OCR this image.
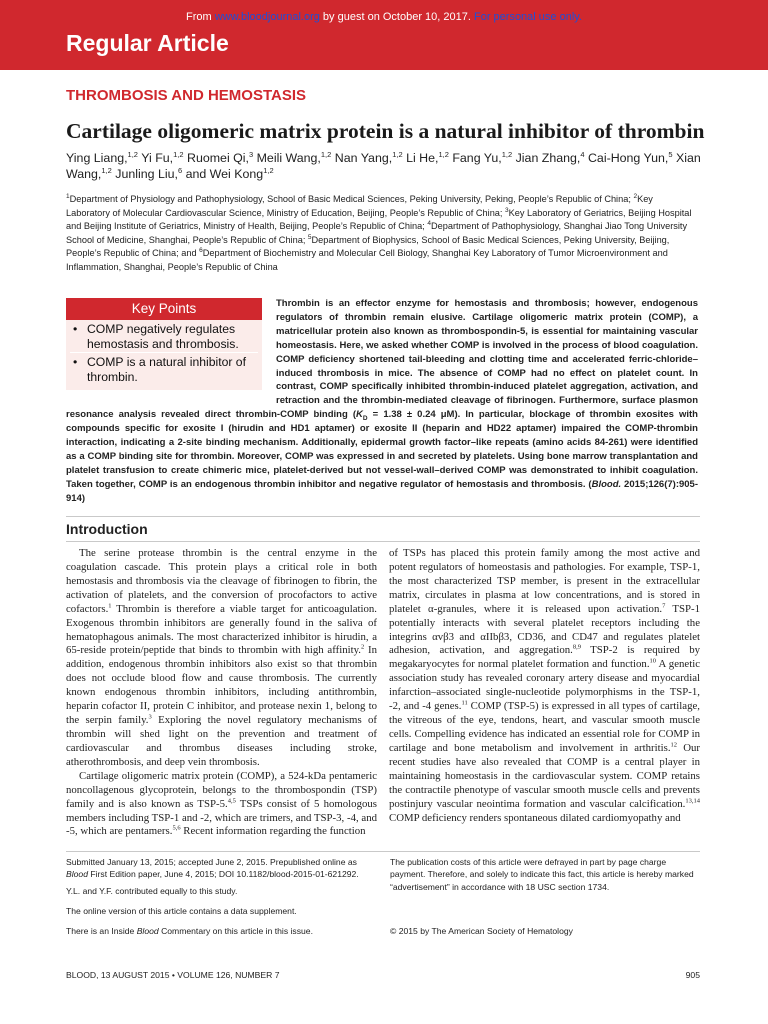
From www.bloodjournal.org by guest on October 10, 2017. For personal use only.
Regular Article
THROMBOSIS AND HEMOSTASIS
Cartilage oligomeric matrix protein is a natural inhibitor of thrombin
Ying Liang,$^{1,2}$ Yi Fu,$^{1,2}$ Ruomei Qi,$^3$ Meili Wang,$^{1,2}$ Nan Yang,$^{1,2}$ Li He,$^{1,2}$ Fang Yu,$^{1,2}$ Jian Zhang,$^4$ Cai-Hong Yun,$^5$ Xian Wang,$^{1,2}$ Junling Liu,$^6$ and Wei Kong$^{1,2}$
$^1$Department of Physiology and Pathophysiology, School of Basic Medical Sciences, Peking University, Peking, People’s Republic of China; $^2$Key Laboratory of Molecular Cardiovascular Science, Ministry of Education, Beijing, People’s Republic of China; $^3$Key Laboratory of Geriatrics, Beijing Hospital and Beijing Institute of Geriatrics, Ministry of Health, Beijing, People’s Republic of China; $^4$Department of Pathophysiology, Shanghai Jiao Tong University School of Medicine, Shanghai, People’s Republic of China; $^5$Department of Biophysics, School of Basic Medical Sciences, Peking University, Beijing, People’s Republic of China; and $^6$Department of Biochemistry and Molecular Cell Biology, Shanghai Key Laboratory of Tumor Microenvironment and Inflammation, Shanghai, People’s Republic of China

Thrombin is an effector enzyme for hemostasis and thrombosis; however, endogenous regulators of thrombin remain elusive. Cartilage oligomeric matrix protein (COMP), a matricellular protein also known as thrombospondin-5, is essential for maintaining vascular homeostasis. Here, we asked whether COMP is involved in the process of blood coagulation. COMP deficiency shortened tail-bleeding and clotting time and accelerated ferric-chloride–induced thrombosis in mice. The absence of COMP had no effect on platelet count. In contrast, COMP specifically inhibited thrombin-induced platelet aggregation, activation, and retraction and the thrombin-mediated cleavage of fibrinogen. Furthermore, surface plasmon resonance analysis revealed direct thrombin-COMP binding ($K_D = 1.38 \pm 0.24$ μM). In particular, blockage of thrombin exosites with compounds specific for exosite I (hirudin and HD1 aptamer) or exosite II (heparin and HD22 aptamer) impaired the COMP-thrombin interaction, indicating a 2-site binding mechanism. Additionally, epidermal growth factor–like repeats (amino acids 84-261) were identified as a COMP binding site for thrombin. Moreover, COMP was expressed in and secreted by platelets. Using bone marrow transplantation and platelet transfusion to create chimeric mice, platelet-derived but not vessel-wall–derived COMP was demonstrated to inhibit coagulation. Taken together, COMP is an endogenous thrombin inhibitor and negative regulator of hemostasis and thrombosis. (Blood. 2015;126(7):905-914)

Key Points
• COMP negatively regulates hemostasis and thrombosis.
• COMP is a natural inhibitor of thrombin.
Introduction

The serine protease thrombin is the central enzyme in the coagulation cascade. This protein plays a critical role in both hemostasis and thrombosis via the cleavage of fibrinogen to fibrin, the activation of platelets, and the conversion of procofactors to active cofactors.$^1$ Thrombin is therefore a viable target for anticoagulation. Exogenous thrombin inhibitors are generally found in the saliva of hematophagous animals. The most characterized inhibitor is hirudin, a 65-reside protein/peptide that binds to thrombin with high affinity.$^2$ In addition, endogenous thrombin inhibitors also exist so that thrombin does not occlude blood flow and cause thrombosis. The currently known endogenous thrombin inhibitors, including antithrombin, heparin cofactor II, protein C inhibitor, and protease nexin 1, belong to the serpin family.$^3$ Exploring the novel regulatory mechanisms of thrombin will shed light on the prevention and treatment of cardiovascular and thrombus diseases including stroke, atherothrombosis, and deep vein thrombosis.

Cartilage oligomeric matrix protein (COMP), a 524-kDa pentameric noncollagenous glycoprotein, belongs to the thrombospondin (TSP) family and is also known as TSP-5.$^{4,5}$ TSPs consist of 5 homologous members including TSP-1 and -2, which are trimers, and TSP-3, -4, and -5, which are pentamers.$^{5,6}$ Recent information regarding the function

of TSPs has placed this protein family among the most active and potent regulators of homeostasis and pathologies. For example, TSP-1, the most characterized TSP member, is present in the extracellular matrix, circulates in plasma at low concentrations, and is stored in platelet α-granules, where it is released upon activation.$^7$ TSP-1 potentially interacts with several platelet receptors including the integrins αvβ3 and αIIbβ3, CD36, and CD47 and regulates platelet adhesion, activation, and aggregation.$^{8,9}$ TSP-2 is required by megakaryocytes for normal platelet formation and function.$^{10}$ A genetic association study has revealed coronary artery disease and myocardial infarction–associated single-nucleotide polymorphisms in the TSP-1, -2, and -4 genes.$^{11}$ COMP (TSP-5) is expressed in all types of cartilage, the vitreous of the eye, tendons, heart, and vascular smooth muscle cells. Compelling evidence has indicated an essential role for COMP in cartilage and bone metabolism and involvement in arthritis.$^{12}$ Our recent studies have also revealed that COMP is a central player in maintaining homeostasis in the cardiovascular system. COMP retains the contractile phenotype of vascular smooth muscle cells and prevents postinjury vascular neointima formation and vascular calcification.$^{13,14}$ COMP deficiency renders spontaneous dilated cardiomyopathy and

Submitted January 13, 2015; accepted June 2, 2015. Prepublished online as Blood First Edition paper, June 4, 2015; DOI 10.1182/blood-2015-01-621292.
Y.L. and Y.F. contributed equally to this study.
The online version of this article contains a data supplement.
There is an Inside Blood Commentary on this article in this issue.
The publication costs of this article were defrayed in part by page charge payment. Therefore, and solely to indicate this fact, this article is hereby marked “advertisement” in accordance with 18 USC section 1734.
© 2015 by The American Society of Hematology
BLOOD, 13 AUGUST 2015 • VOLUME 126, NUMBER 7	905
